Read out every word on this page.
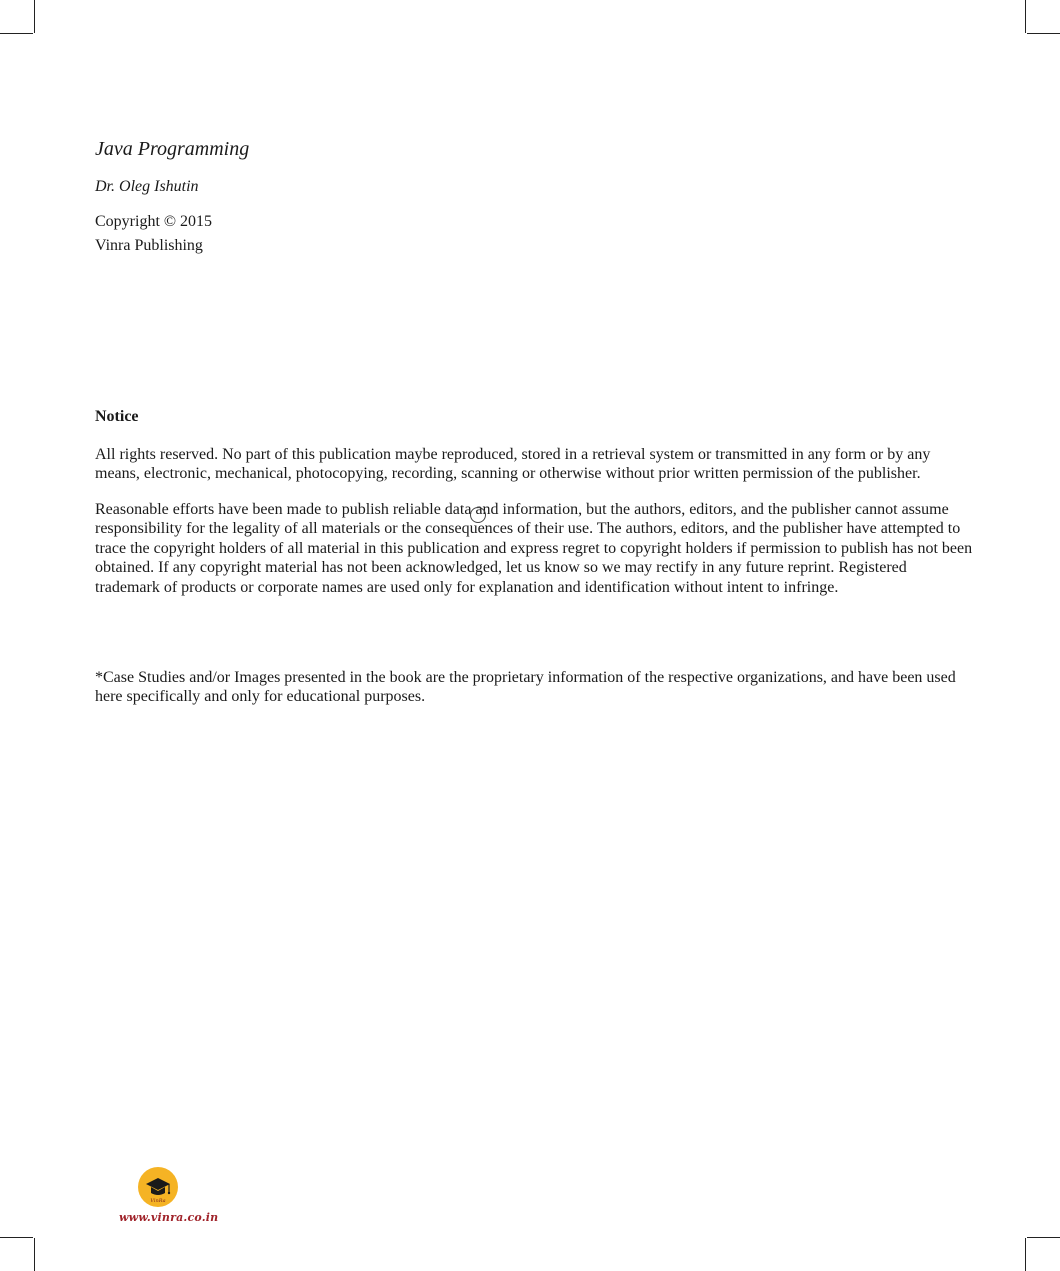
Java Programming
Dr. Oleg Ishutin
Copyright © 2015
Vinra Publishing
Notice

All rights reserved. No part of this publication maybe reproduced, stored in a retrieval system or transmitted in any form or by any means, electronic, mechanical, photocopying, recording, scanning or otherwise without prior written permission of the publisher.

Reasonable efforts have been made to publish reliable data and information, but the authors, editors, and the publisher cannot assume responsibility for the legality of all materials or the consequences of their use. The authors, editors, and the publisher have attempted to trace the copyright holders of all material in this publication and express regret to copyright holders if permission to publish has not been obtained. If any copyright material has not been acknowledged, let us know so we may rectify in any future reprint. Registered trademark of products or corporate names are used only for explanation and identification without intent to infringe.

*Case Studies and/or Images presented in the book are the proprietary information of the respective organizations, and have been used here specifically and only for educational purposes.

VinRa
www.vinra.co.in
